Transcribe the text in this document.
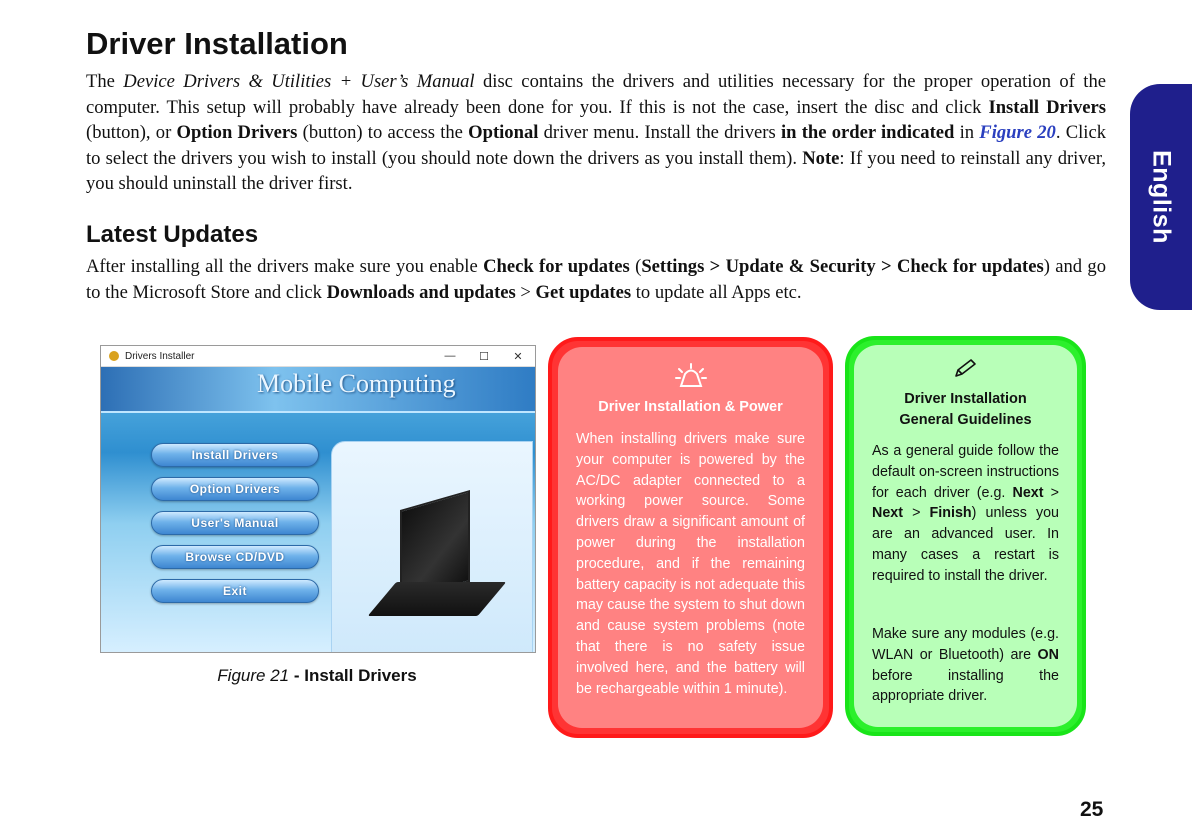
English
Driver Installation

The Device Drivers & Utilities + User’s Manual disc contains the drivers and utilities necessary for the proper operation of the computer. This setup will probably have already been done for you. If this is not the case, insert the disc and click Install Drivers (button), or Option Drivers (button) to access the Optional driver menu. Install the drivers in the order indicated in Figure 20. Click to select the drivers you wish to install (you should note down the drivers as you install them). Note: If you need to reinstall any driver, you should uninstall the driver first.

Latest Updates

After installing all the drivers make sure you enable Check for updates (Settings > Update & Security > Check for updates) and go to the Microsoft Store and click Downloads and updates > Get updates to update all Apps etc.

Drivers Installer	—	☐	✕
Mobile Computing
Install Drivers
Option Drivers
User's Manual
Browse CD/DVD
Exit
Figure 21 - Install Drivers
Driver Installation & Power

When installing drivers make sure your computer is powered by the AC/DC adapter connected to a working power source. Some drivers draw a significant amount of power during the installation procedure, and if the remaining battery capacity is not adequate this may cause the system to shut down and cause system problems (note that there is no safety issue involved here, and the battery will be rechargeable within 1 minute).

Driver Installation
General Guidelines

As a general guide follow the default on-screen instructions for each driver (e.g. Next > Next > Finish) unless you are an advanced user. In many cases a restart is required to install the driver.

Make sure any modules (e.g. WLAN or Bluetooth) are ON before installing the appropriate driver.

25
